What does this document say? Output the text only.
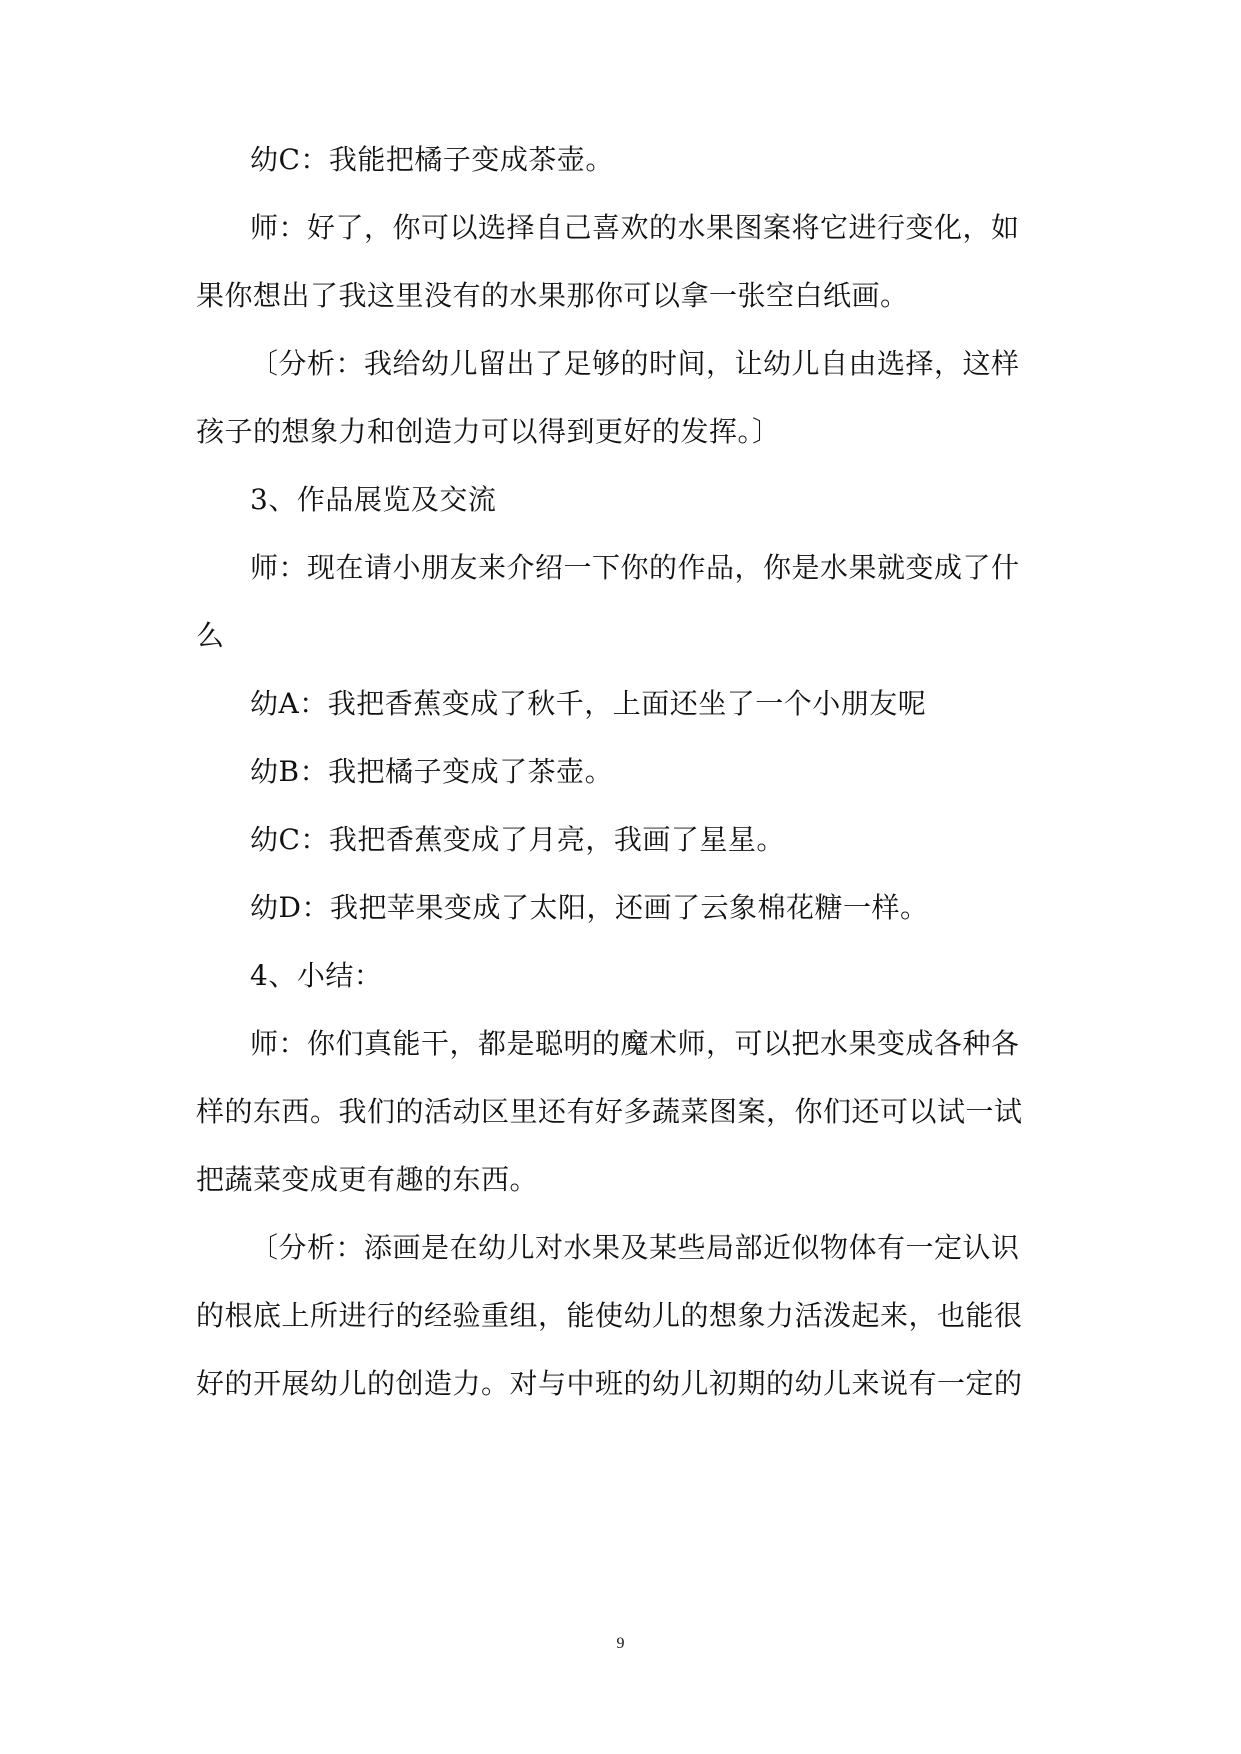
幼C：我能把橘子变成茶壶。
师：好了，你可以选择自己喜欢的水果图案将它进行变化，如
果你想出了我这里没有的水果那你可以拿一张空白纸画。
〔分析：我给幼儿留出了足够的时间，让幼儿自由选择，这样
孩子的想象力和创造力可以得到更好的发挥。〕
3、作品展览及交流
师：现在请小朋友来介绍一下你的作品，你是水果就变成了什
么
幼A：我把香蕉变成了秋千，上面还坐了一个小朋友呢
幼B：我把橘子变成了茶壶。
幼C：我把香蕉变成了月亮，我画了星星。
幼D：我把苹果变成了太阳，还画了云象棉花糖一样。
4、小结：
师：你们真能干，都是聪明的魔术师，可以把水果变成各种各
样的东西。我们的活动区里还有好多蔬菜图案，你们还可以试一试
把蔬菜变成更有趣的东西。
〔分析：添画是在幼儿对水果及某些局部近似物体有一定认识
的根底上所进行的经验重组，能使幼儿的想象力活泼起来，也能很
好的开展幼儿的创造力。对与中班的幼儿初期的幼儿来说有一定的
9
